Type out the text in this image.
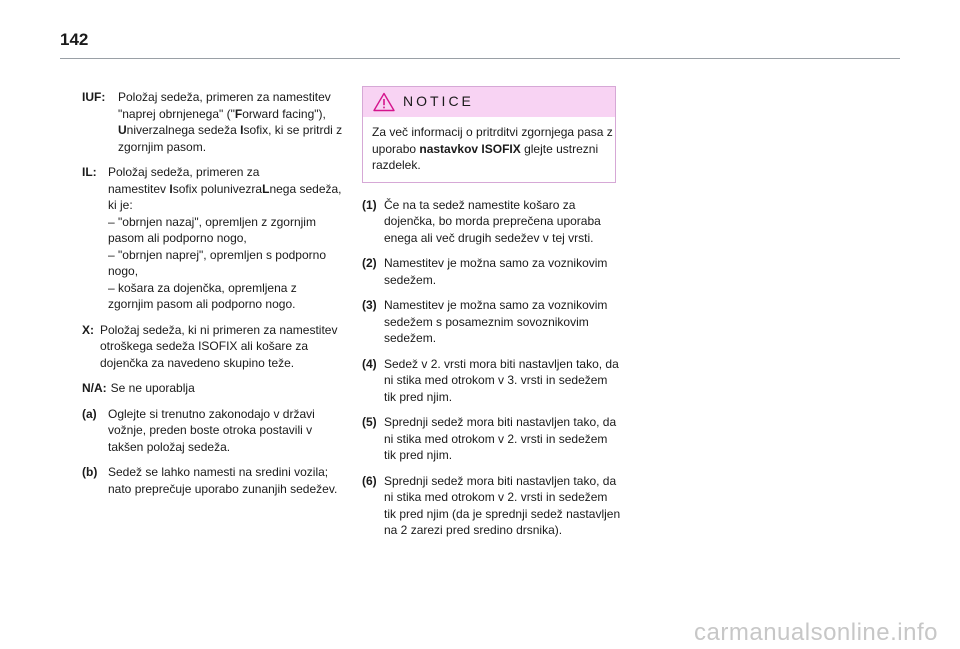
142
IUF: Položaj sedeža, primeren za namestitev
"naprej obrnjenega" ("Forward facing"),
Univerzalnega sedeža Isofix, ki se pritrdi z
zgornjim pasom.
IL: Položaj sedeža, primeren za
namestitev Isofix polunivezraLnega sedeža,
ki je:
– "obrnjen nazaj", opremljen z zgornjim
pasom ali podporno nogo,
– "obrnjen naprej", opremljen s podporno
nogo,
– košara za dojenčka, opremljena z
zgornjim pasom ali podporno nogo.
X: Položaj sedeža, ki ni primeren za namestitev
otroškega sedeža ISOFIX ali košare za
dojenčka za navedeno skupino teže.
N/A: Se ne uporablja
(a) Oglejte si trenutno zakonodajo v državi
vožnje, preden boste otroka postavili v
takšen položaj sedeža.
(b) Sedež se lahko namesti na sredini vozila;
nato preprečuje uporabo zunanjih sedežev.
NOTICE
Za več informacij o pritrditvi zgornjega pasa z
uporabo nastavkov ISOFIX glejte ustrezni
razdelek.
(1) Če na ta sedež namestite košaro za
dojenčka, bo morda preprečena uporaba
enega ali več drugih sedežev v tej vrsti.
(2) Namestitev je možna samo za voznikovim
sedežem.
(3) Namestitev je možna samo za voznikovim
sedežem s posameznim sovoznikovim
sedežem.
(4) Sedež v 2. vrsti mora biti nastavljen tako, da
ni stika med otrokom v 3. vrsti in sedežem
tik pred njim.
(5) Sprednji sedež mora biti nastavljen tako, da
ni stika med otrokom v 2. vrsti in sedežem
tik pred njim.
(6) Sprednji sedež mora biti nastavljen tako, da
ni stika med otrokom v 2. vrsti in sedežem
tik pred njim (da je sprednji sedež nastavljen
na 2 zarezi pred sredino drsnika).
carmanualsonline.info
